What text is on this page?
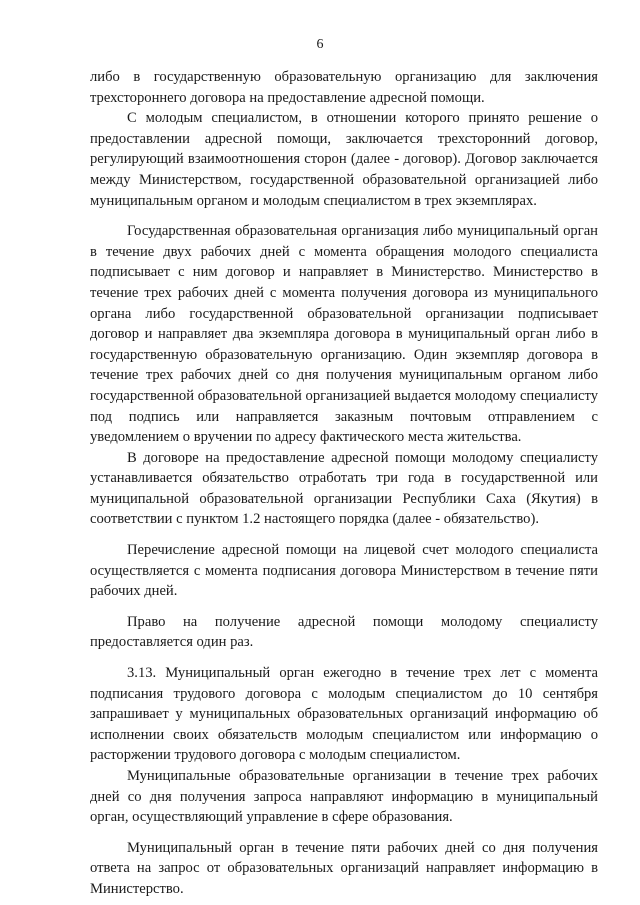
6

либо в государственную образовательную организацию для заключения трехстороннего договора на предоставление адресной помощи.

С молодым специалистом, в отношении которого принято решение о предоставлении адресной помощи, заключается трехсторонний договор, регулирующий взаимоотношения сторон (далее - договор). Договор заключается между Министерством, государственной образовательной организацией либо муниципальным органом и молодым специалистом в трех экземплярах.

Государственная образовательная организация либо муниципальный орган в течение двух рабочих дней с момента обращения молодого специалиста подписывает с ним договор и направляет в Министерство. Министерство в течение трех рабочих дней с момента получения договора из муниципального органа либо государственной образовательной организации подписывает договор и направляет два экземпляра договора в муниципальный орган либо в государственную образовательную организацию. Один экземпляр договора в течение трех рабочих дней со дня получения муниципальным органом либо государственной образовательной организацией выдается молодому специалисту под подпись или направляется заказным почтовым отправлением с уведомлением о вручении по адресу фактического места жительства.

В договоре на предоставление адресной помощи молодому специалисту устанавливается обязательство отработать три года в государственной или муниципальной образовательной организации Республики Саха (Якутия) в соответствии с пунктом 1.2 настоящего порядка (далее - обязательство).

Перечисление адресной помощи на лицевой счет молодого специалиста осуществляется с момента подписания договора Министерством в течение пяти рабочих дней.

Право на получение адресной помощи молодому специалисту предоставляется один раз.

3.13. Муниципальный орган ежегодно в течение трех лет с момента подписания трудового договора с молодым специалистом до 10 сентября запрашивает у муниципальных образовательных организаций информацию об исполнении своих обязательств молодым специалистом или информацию о расторжении трудового договора с молодым специалистом.

Муниципальные образовательные организации в течение трех рабочих дней со дня получения запроса направляют информацию в муниципальный орган, осуществляющий управление в сфере образования.

Муниципальный орган в течение пяти рабочих дней со дня получения ответа на запрос от образовательных организаций направляет информацию в Министерство.
